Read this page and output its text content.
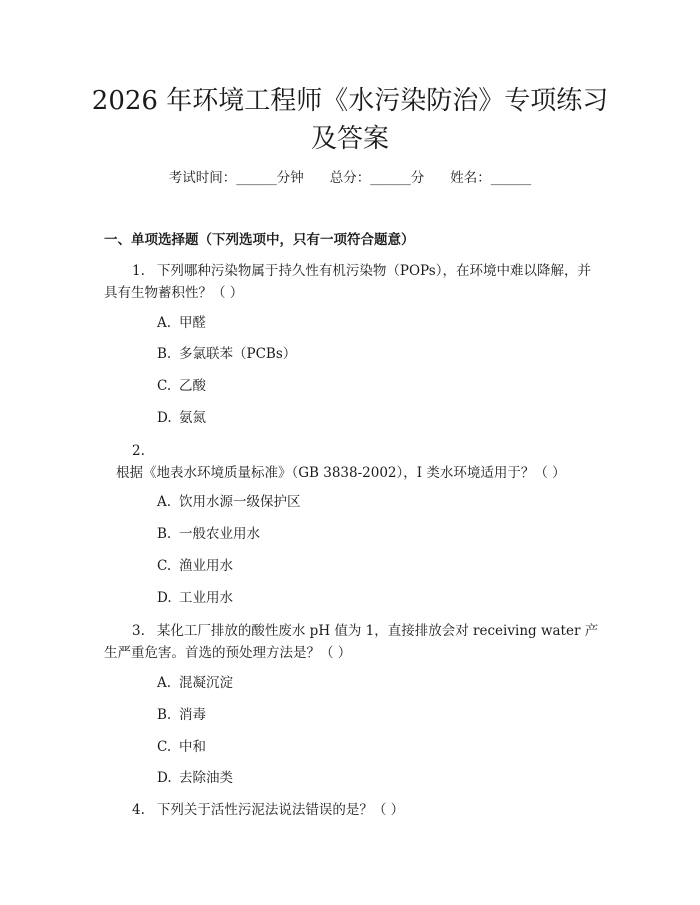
2026 年环境工程师《水污染防治》专项练习
及答案
考试时间：______分钟 总分：______分 姓名：______
一、单项选择题（下列选项中，只有一项符合题意）
1. 下列哪种污染物属于持久性有机污染物（POPs），在环境中难以降解，并具有生物蓄积性？（ ）
A. 甲醛
B. 多氯联苯（PCBs）
C. 乙酸
D. 氨氮
2.根据《地表水环境质量标准》（GB 3838-2002），I 类水环境适用于？（ ）
A. 饮用水源一级保护区
B. 一般农业用水
C. 渔业用水
D. 工业用水
3. 某化工厂排放的酸性废水 pH 值为 1，直接排放会对 receiving water 产生严重危害。首选的预处理方法是？（ ）
A. 混凝沉淀
B. 消毒
C. 中和
D. 去除油类
4. 下列关于活性污泥法说法错误的是？（ ）
